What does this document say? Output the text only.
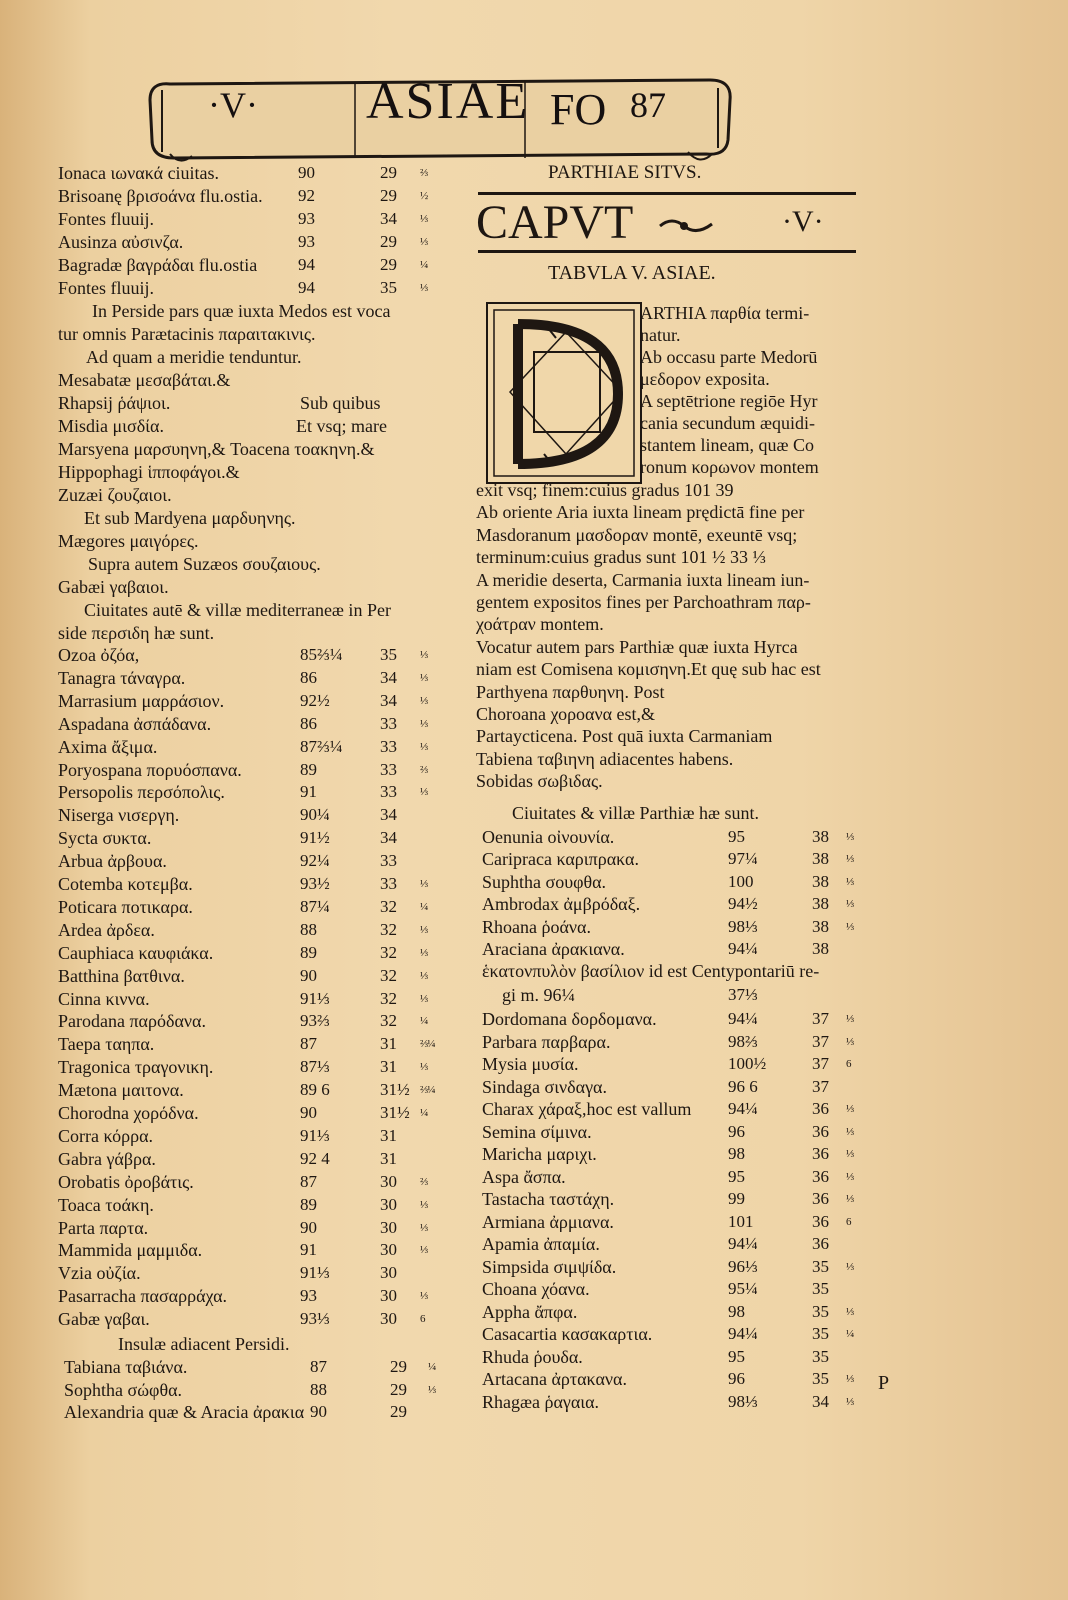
·V· ASIAE FO 87
Ionaca ιωνακά ciuitas.	90	29 ⅔
Brisoanę βρισοάνα flu.ostia. 92	29 ½
Fontes fluuij.	93	34 ⅓
Ausinza αὐσινζα.	93	29 ⅓
Bagradæ βαγράδαι flu.ostia 94	29 ¼
Fontes fluuij.	94	35 ⅓
In Perside pars quæ iuxta Medos est voca
tur omnis Parætacinis παραιτακινις.
Ad quam a meridie tenduntur.
Mesabatæ μεσαβάται.&
Rhapsij ῥάψιοι.	Sub quibus
Misdia μισδία.	Et vsq; mare
Marsyena μαρσυηνη,& Toacena τοακηνη.&
Hippophagi ἱπποφάγοι.&
Zuzæi ζουζαιοι.
Et sub Mardyena μαρδυηνης.
Mægores μαιγόρες.
Supra autem Suzæos σουζαιους.
Gabæi γαβαιοι.
Ciuitates autē & villæ mediterraneæ in Per
side περσιδη hæ sunt.
Ozoa ὀζόα,	85⅔¼ 35 ⅓
Tanagra τάναγρα.	86	34 ⅓
Marrasium μαρράσιον.	92½	34 ⅓
Aspadana ἀσπάδανα.	86	33 ⅓
Axima ἄξιμα.	87⅔¼ 33 ⅓
Poryospana πορυόσπανα.	89	33 ⅔
Persopolis περσόπολις.	91	33 ⅓
Niserga νισεργη.	90¼	34
Sycta συκτα.	91½	34
Arbua ἀρβουα.	92¼	33
Cotemba κοτεμβα.	93½	33 ⅓
Poticara ποτικαρα.	87¼	32 ¼
Ardea ἀρδεα.	88	32 ⅓
Cauphiaca καυφιάκα.	89	32 ⅓
Batthina βατθινα.	90	32 ⅓
Cinna κιννα.	91⅓	32 ⅓
Parodana παρόδανα.	93⅔	32 ¼
Taepa ταηπα.	87	31 ⅔¼
Tragonica τραγονικη.	87⅓	31 ⅓
Mætona μαιτονα.	89 6	31½ ⅔¼
Chorodna χορόδνα.	90	31½ ¼
Corra κόρρα.	91⅓	31
Gabra γάβρα.	92 4	31
Orobatis ὀροβάτις.	87	30 ⅔
Toaca τοάκη.	89	30 ⅓
Parta παρτα.	90	30 ⅓
Mammida μαμμιδα.	91	30 ⅓
Vzia οὐζία.	91⅓	30
Pasarracha πασαρράχα.	93	30 ⅓
Gabæ γαβαι.	93⅓	30 6
Insulæ adiacent Persidi.
Tabiana ταβιάνα.	87	29 ¼
Sophtha σώφθα.	88	29 ⅓
Alexandria quæ & Aracia ἀρακια 90	29
PARTHIAE SITVS.
CAPVT	·V·
TABVLA V. ASIAE.
ARTHIA παρθία termi-
natur.
Ab occasu parte Medorū
μεδορον exposita.
A septētrione regiōe Hyr
cania secundum æquidi-
stantem lineam, quæ Co
ronum κορωνον montem
exit vsq; finem:cuius gradus 101 39
Ab oriente Aria iuxta lineam prędictā fine per
Masdoranum μασδοραν montē, exeuntē vsq;
terminum:cuius gradus sunt 101 ½ 33 ⅓
A meridie deserta, Carmania iuxta lineam iun-
gentem expositos fines per Parchoathram παρ-
χοάτραν montem.
Vocatur autem pars Parthiæ quæ iuxta Hyrca
niam est Comisena κομισηνη.Et quę sub hac est
Parthyena παρθυηνη. Post
Choroana χοροανα est,&
Partaycticena. Post quā iuxta Carmaniam
Tabiena ταβιηνη adiacentes habens.
Sobidas σωβιδας.
Ciuitates & villæ Parthiæ hæ sunt.
Oenunia οἰνουνία.	95	38 ⅓
Caripraca καριπρακα.	97¼	38 ⅓
Suphtha σουφθα.	100	38 ⅓
Ambrodax ἀμβρόδαξ.	94½	38 ⅓
Rhoana ῥοάνα.	98⅓	38 ⅓
Araciana ἀρακιανα.	94¼	38
ἑκατονπυλὸν βασίλιον id est Centypontariū re-
gi m. 96¼	37⅓
Dordomana δορδομανα.	94¼	37 ⅓
Parbara παρβαρα.	98⅔	37 ⅓
Mysia μυσία.	100½	37 6
Sindaga σινδαγα.	96 6	37
Charax χάραξ,hoc est vallum 94¼	36 ⅓
Semina σίμινα.	96	36 ⅓
Maricha μαριχι.	98	36 ⅓
Aspa ἄσπα.	95	36 ⅓
Tastacha ταστάχη.	99	36 ⅓
Armiana ἀρμιανα.	101	36 6
Apamia ἀπαμία.	94¼	36
Simpsida σιμψίδα.	96⅓	35 ⅓
Choana χόανα.	95¼	35
Appha ἄπφα.	98	35 ⅓
Casacartia κασακαρτια.	94¼	35 ¼
Rhuda ῥουδα.	95	35
Artacana ἀρτακανα.	96	35 ⅓
Rhagæa ῥαγαια.	98⅓	34 ⅓
P
